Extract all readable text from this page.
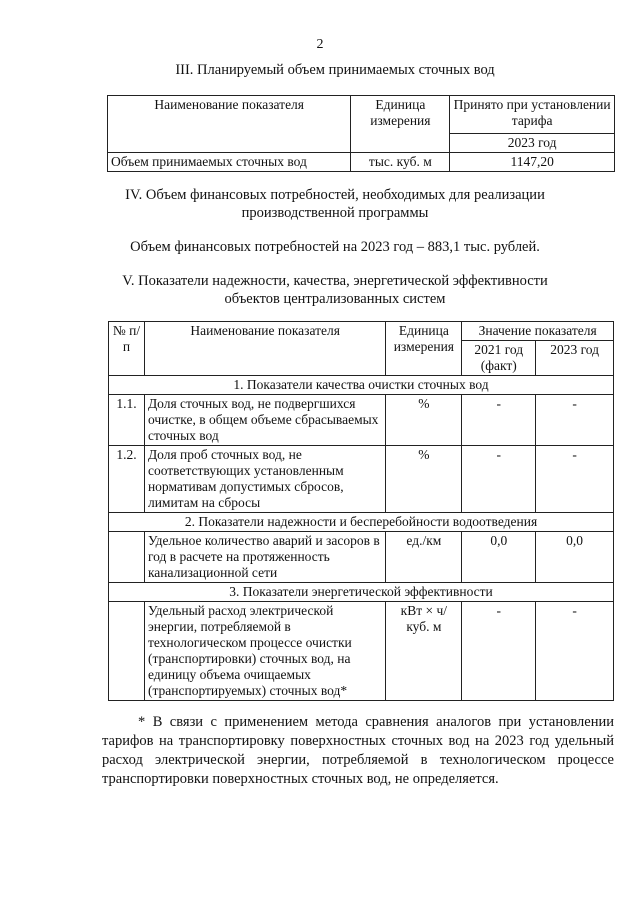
2
III. Планируемый объем принимаемых сточных вод
Наименование показателя	Единица измерения	Принято при установлении тарифа
		2023 год
Объем принимаемых сточных вод	тыс. куб. м	1147,20
IV. Объем финансовых потребностей, необходимых для реализации производственной программы
Объем финансовых потребностей на 2023 год – 883,1 тыс. рублей.
V. Показатели надежности, качества, энергетической эффективности объектов централизованных систем
№ п/п	Наименование показателя	Единица измерения	Значение показателя	
			2021 год (факт)	2023 год
1. Показатели качества очистки сточных вод				
1.1.	Доля сточных вод, не подвергшихся очистке, в общем объеме сбрасываемых сточных вод	%	-	-
1.2.	Доля проб сточных вод, не соответствующих установленным нормативам допустимых сбросов, лимитам на сбросы	%	-	-
2. Показатели надежности и бесперебойности водоотведения				
	Удельное количество аварий и засоров в год в расчете на протяженность канализационной сети	ед./км	0,0	0,0
3. Показатели энергетической эффективности				
	Удельный расход электрической энергии, потребляемой в технологическом процессе очистки (транспортировки) сточных вод, на единицу объема очищаемых (транспортируемых) сточных вод*	кВт × ч/ куб. м	-	-
* В связи с применением метода сравнения аналогов при установлении тарифов на транспортировку поверхностных сточных вод на 2023 год удельный расход электрической энергии, потребляемой в технологическом процессе транспортировки поверхностных сточных вод, не определяется.
